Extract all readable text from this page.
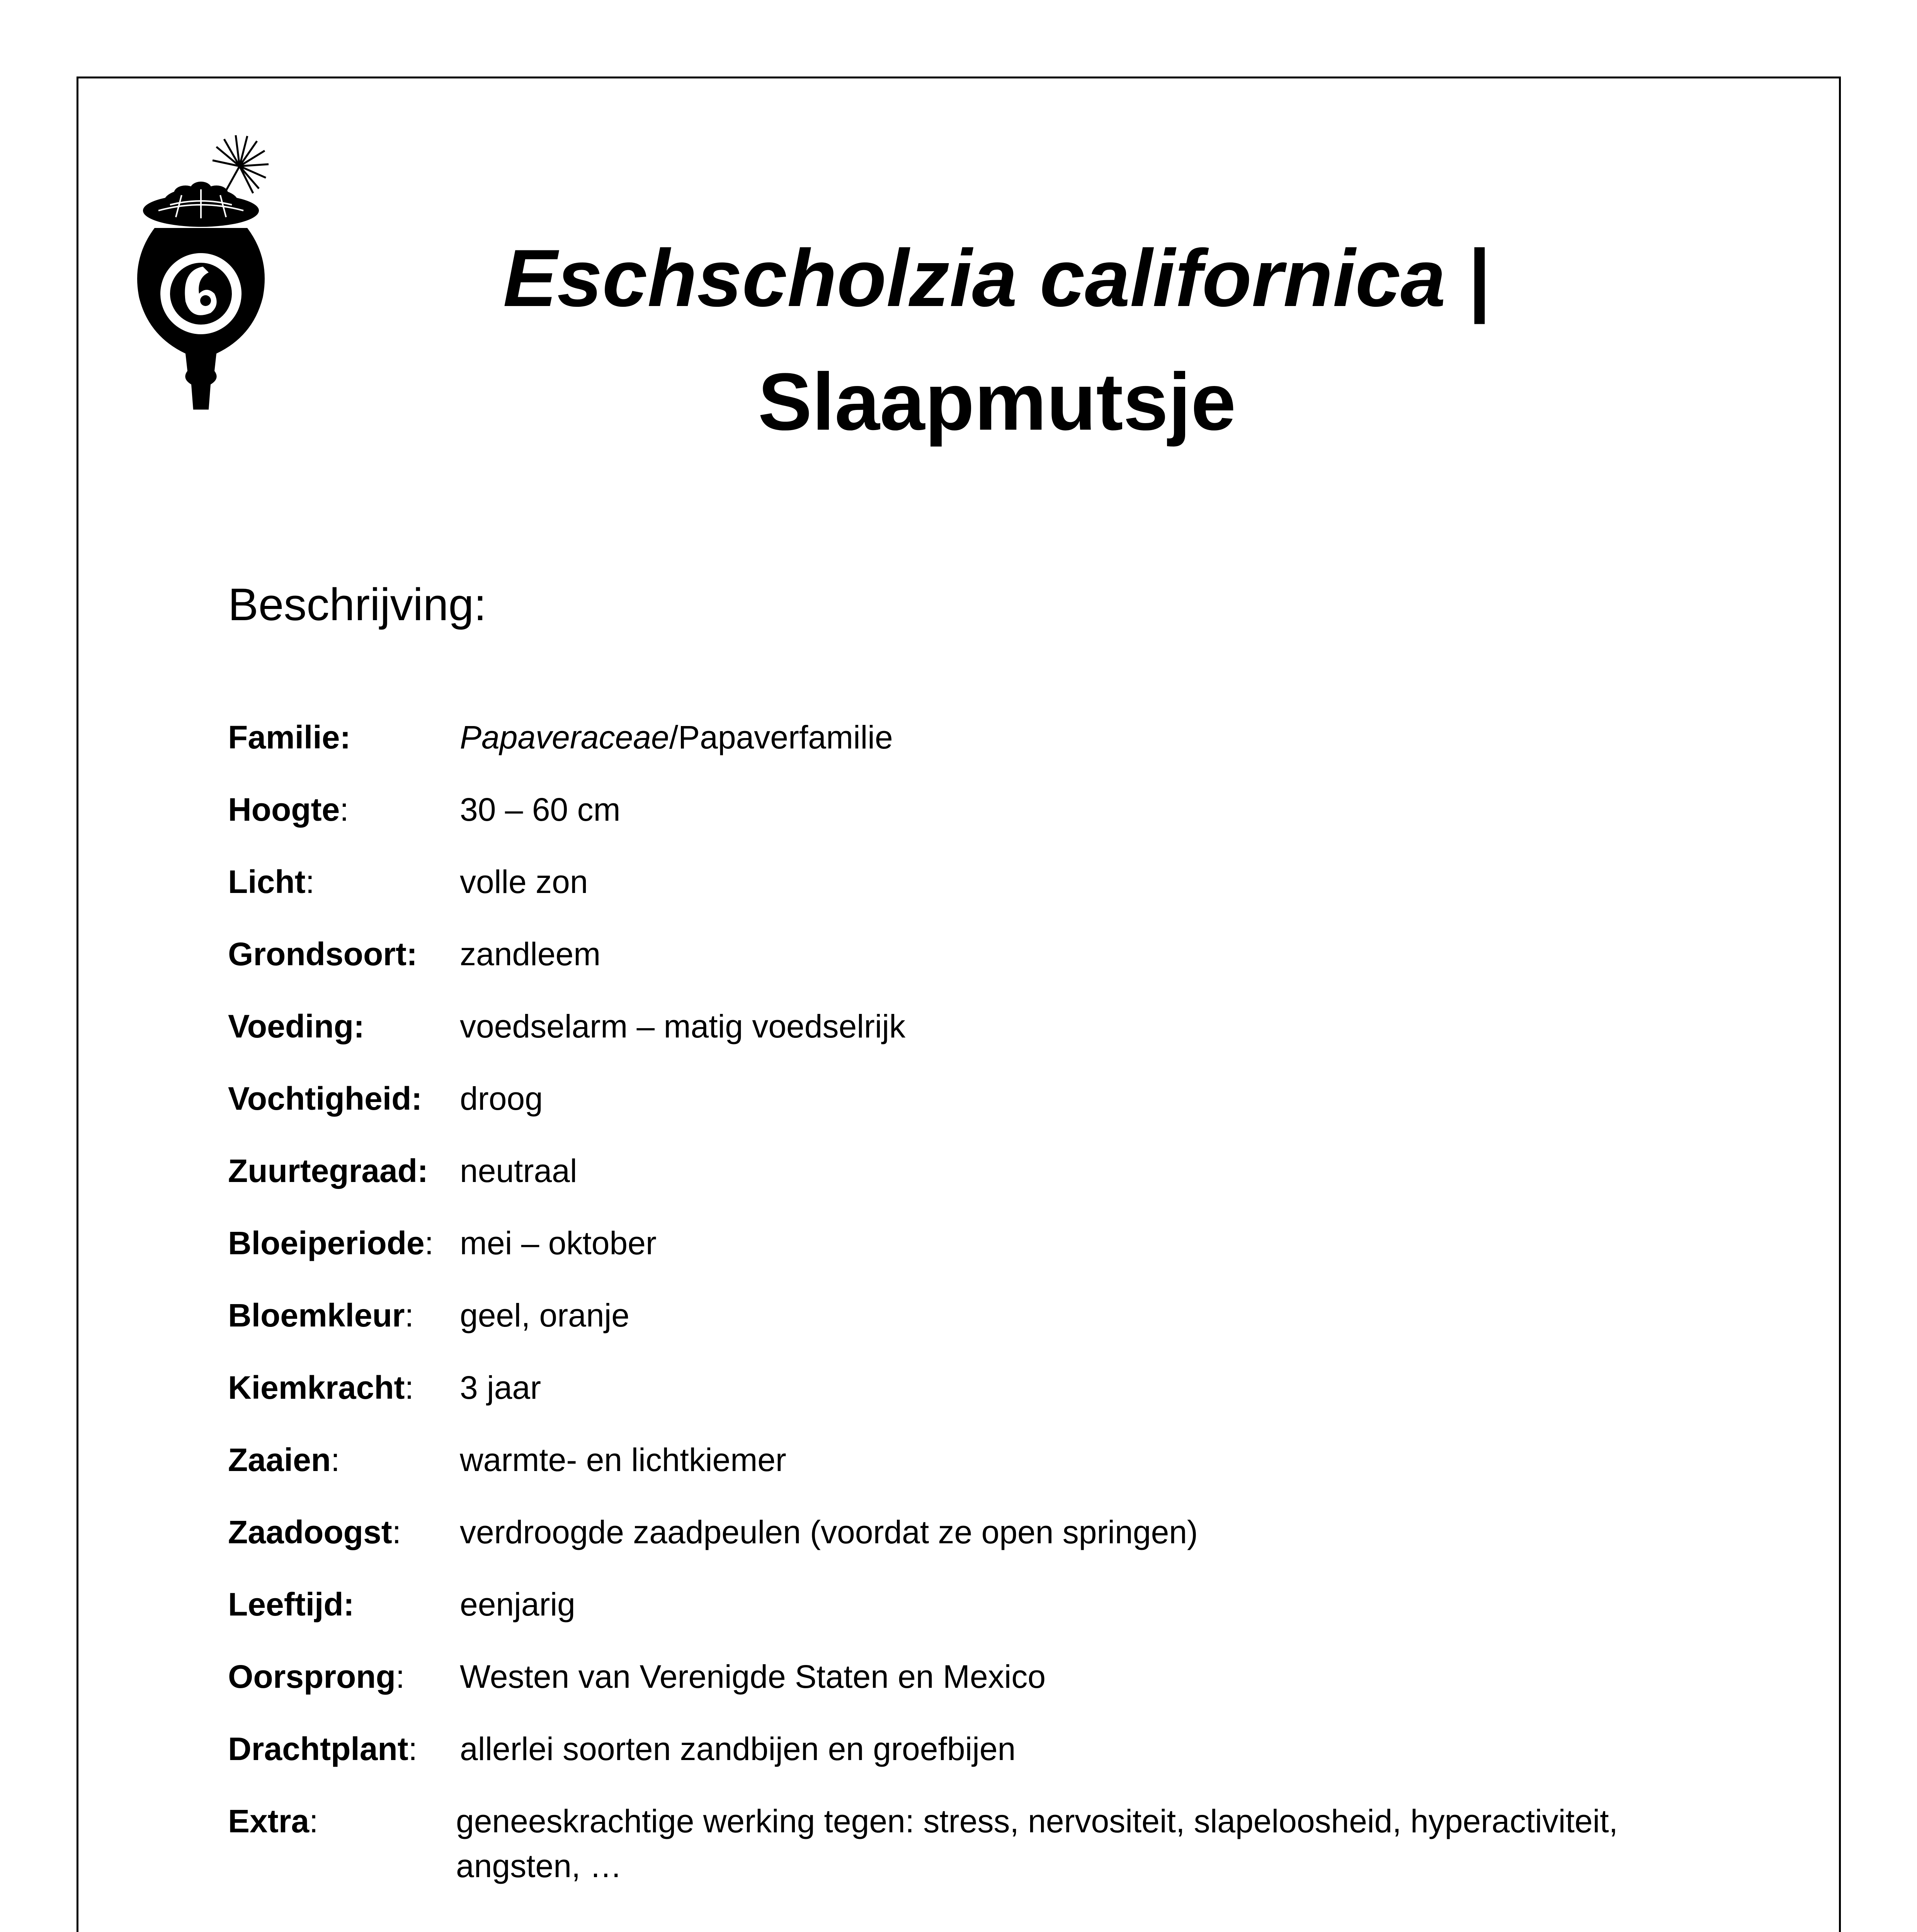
Eschscholzia californica |
Slaapmutsje
Beschrijving:
Familie:	Papaveraceae/Papaverfamilie
Hoogte:	30 – 60 cm
Licht:	volle zon
Grondsoort:	zandleem
Voeding:	voedselarm – matig voedselrijk
Vochtigheid:	droog
Zuurtegraad: neutraal
Bloeiperiode: mei – oktober
Bloemkleur:	geel, oranje
Kiemkracht:	3 jaar
Zaaien:	warmte- en lichtkiemer
Zaadoogst:	verdroogde zaadpeulen (voordat ze open springen)
Leeftijd:	eenjarig
Oorsprong:	Westen van Verenigde Staten en Mexico
Drachtplant:	allerlei soorten zandbijen en groefbijen
Extra:	geneeskrachtige werking tegen: stress, nervositeit, slapeloosheid, hyperactiviteit, angsten, …
